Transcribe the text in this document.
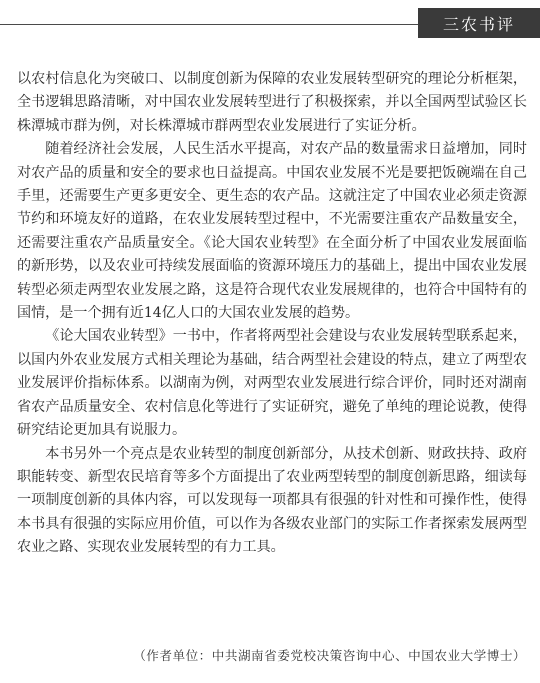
三农书评

以农村信息化为突破口、以制度创新为保障的农业发展转型研究的理论分析框架，全书逻辑思路清晰，对中国农业发展转型进行了积极探索，并以全国两型试验区长株潭城市群为例，对长株潭城市群两型农业发展进行了实证分析。

随着经济社会发展，人民生活水平提高，对农产品的数量需求日益增加，同时对农产品的质量和安全的要求也日益提高。中国农业发展不光是要把饭碗端在自己手里，还需要生产更多更安全、更生态的农产品。这就注定了中国农业必须走资源节约和环境友好的道路，在农业发展转型过程中，不光需要注重农产品数量安全，还需要注重农产品质量安全。《论大国农业转型》在全面分析了中国农业发展面临的新形势，以及农业可持续发展面临的资源环境压力的基础上，提出中国农业发展转型必须走两型农业发展之路，这是符合现代农业发展规律的，也符合中国特有的国情，是一个拥有近14亿人口的大国农业发展的趋势。

《论大国农业转型》一书中，作者将两型社会建设与农业发展转型联系起来，以国内外农业发展方式相关理论为基础，结合两型社会建设的特点，建立了两型农业发展评价指标体系。以湖南为例，对两型农业发展进行综合评价，同时还对湖南省农产品质量安全、农村信息化等进行了实证研究，避免了单纯的理论说教，使得研究结论更加具有说服力。

本书另外一个亮点是农业转型的制度创新部分，从技术创新、财政扶持、政府职能转变、新型农民培育等多个方面提出了农业两型转型的制度创新思路，细读每一项制度创新的具体内容，可以发现每一项都具有很强的针对性和可操作性，使得本书具有很强的实际应用价值，可以作为各级农业部门的实际工作者探索发展两型农业之路、实现农业发展转型的有力工具。

（作者单位：中共湖南省委党校决策咨询中心、中国农业大学博士）
